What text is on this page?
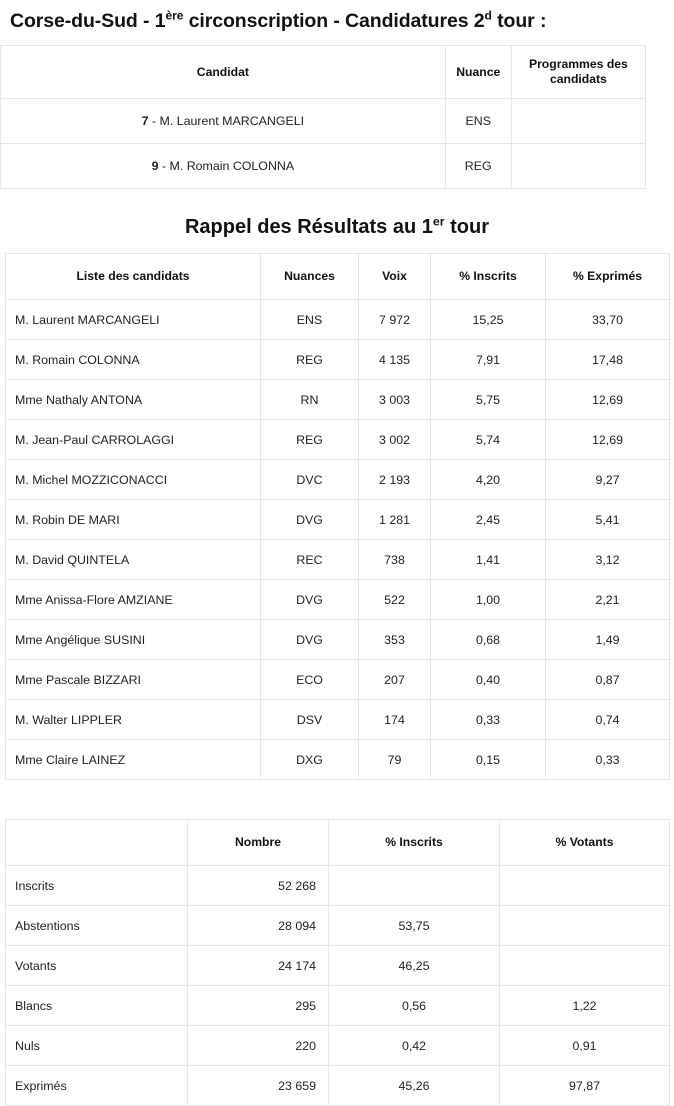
Corse-du-Sud - 1ère circonscription - Candidatures 2$^d$ tour :
Candidat	Nuance	Programmes des candidats
7 - M. Laurent MARCANGELI	ENS	
9 - M. Romain COLONNA	REG	
Rappel des Résultats au 1er tour
Liste des candidats	Nuances	Voix	% Inscrits	% Exprimés
M. Laurent MARCANGELI	ENS	7 972	15,25	33,70
M. Romain COLONNA	REG	4 135	7,91	17,48
Mme Nathaly ANTONA	RN	3 003	5,75	12,69
M. Jean-Paul CARROLAGGI	REG	3 002	5,74	12,69
M. Michel MOZZICONACCI	DVC	2 193	4,20	9,27
M. Robin DE MARI	DVG	1 281	2,45	5,41
M. David QUINTELA	REC	738	1,41	3,12
Mme Anissa-Flore AMZIANE	DVG	522	1,00	2,21
Mme Angélique SUSINI	DVG	353	0,68	1,49
Mme Pascale BIZZARI	ECO	207	0,40	0,87
M. Walter LIPPLER	DSV	174	0,33	0,74
Mme Claire LAINEZ	DXG	79	0,15	0,33
	Nombre	% Inscrits	% Votants
Inscrits	52 268		
Abstentions	28 094	53,75	
Votants	24 174	46,25	
Blancs	295	0,56	1,22
Nuls	220	0,42	0,91
Exprimés	23 659	45,26	97,87
